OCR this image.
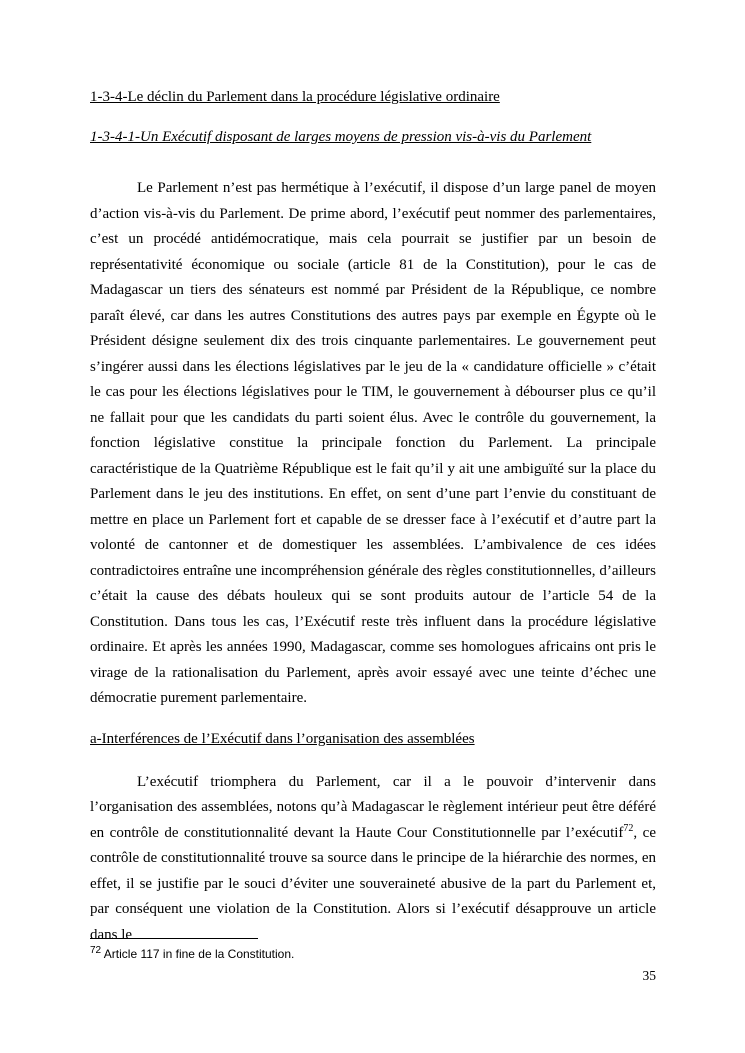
1-3-4-Le déclin du Parlement dans la procédure législative ordinaire
1-3-4-1-Un Exécutif disposant de larges moyens de pression vis-à-vis du Parlement

Le Parlement n’est pas hermétique à l’exécutif, il dispose d’un large panel de moyen d’action vis-à-vis du Parlement. De prime abord, l’exécutif peut nommer des parlementaires, c’est un procédé antidémocratique, mais cela pourrait se justifier par un besoin de représentativité économique ou sociale (article 81 de la Constitution), pour le cas de Madagascar un tiers des sénateurs est nommé par Président de la République, ce nombre paraît élevé, car dans les autres Constitutions des autres pays par exemple en Égypte où le Président désigne seulement dix des trois cinquante parlementaires. Le gouvernement peut s’ingérer aussi dans les élections législatives par le jeu de la « candidature officielle » c’était le cas pour les élections législatives pour le TIM, le gouvernement à débourser plus ce qu’il ne fallait pour que les candidats du parti soient élus. Avec le contrôle du gouvernement, la fonction législative constitue la principale fonction du Parlement. La principale caractéristique de la Quatrième République est le fait qu’il y ait une ambiguïté sur la place du Parlement dans le jeu des institutions. En effet, on sent d’une part l’envie du constituant de mettre en place un Parlement fort et capable de se dresser face à l’exécutif et d’autre part la volonté de cantonner et de domestiquer les assemblées. L’ambivalence de ces idées contradictoires entraîne une incompréhension générale des règles constitutionnelles, d’ailleurs c’était la cause des débats houleux qui se sont produits autour de l’article 54 de la Constitution. Dans tous les cas, l’Exécutif reste très influent dans la procédure législative ordinaire. Et après les années 1990, Madagascar, comme ses homologues africains ont pris le virage de la rationalisation du Parlement, après avoir essayé avec une teinte d’échec une démocratie purement parlementaire.

a-Interférences de l’Exécutif dans l’organisation des assemblées

L’exécutif triomphera du Parlement, car il a le pouvoir d’intervenir dans l’organisation des assemblées, notons qu’à Madagascar le règlement intérieur peut être déféré en contrôle de constitutionnalité devant la Haute Cour Constitutionnelle par l’exécutif$^{72}$, ce contrôle de constitutionnalité trouve sa source dans le principe de la hiérarchie des normes, en effet, il se justifie par le souci d’éviter une souveraineté abusive de la part du Parlement et, par conséquent une violation de la Constitution. Alors si l’exécutif désapprouve un article dans le

$^{72}$ Article 117 in fine de la Constitution.
35
